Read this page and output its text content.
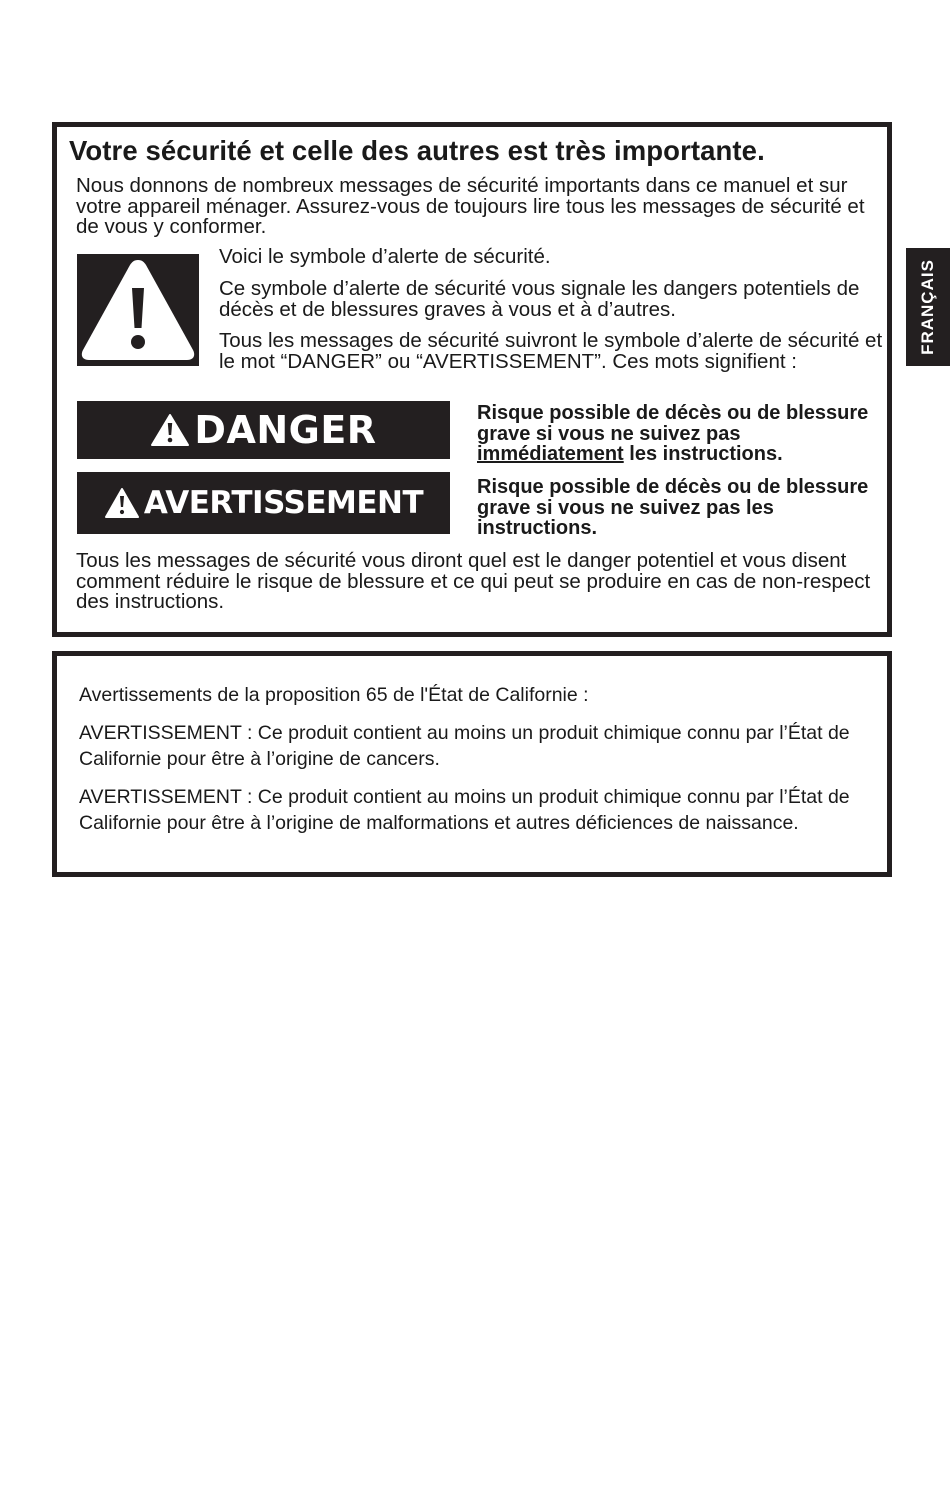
FRANÇAIS
Votre sécurité et celle des autres est très importante.
Nous donnons de nombreux messages de sécurité importants dans ce manuel et sur votre appareil ménager. Assurez-vous de toujours lire tous les messages de sécurité et de vous y conformer.
Voici le symbole d’alerte de sécurité.
Ce symbole d’alerte de sécurité vous signale les dangers potentiels de décès et de blessures graves à vous et à d’autres.
Tous les messages de sécurité suivront le symbole d’alerte de sécurité et le mot “DANGER” ou “AVERTISSEMENT”. Ces mots signifient :
DANGER	Risque possible de décès ou de blessure grave si vous ne suivez pas immédiatement les instructions.
AVERTISSEMENT	Risque possible de décès ou de blessure grave si vous ne suivez pas les instructions.
Tous les messages de sécurité vous diront quel est le danger potentiel et vous disent comment réduire le risque de blessure et ce qui peut se produire en cas de non-respect des instructions.
Avertissements de la proposition 65 de l'État de Californie :
AVERTISSEMENT : Ce produit contient au moins un produit chimique connu par l’État de Californie pour être à l’origine de cancers.
AVERTISSEMENT : Ce produit contient au moins un produit chimique connu par l’État de Californie pour être à l’origine de malformations et autres déficiences de naissance.
